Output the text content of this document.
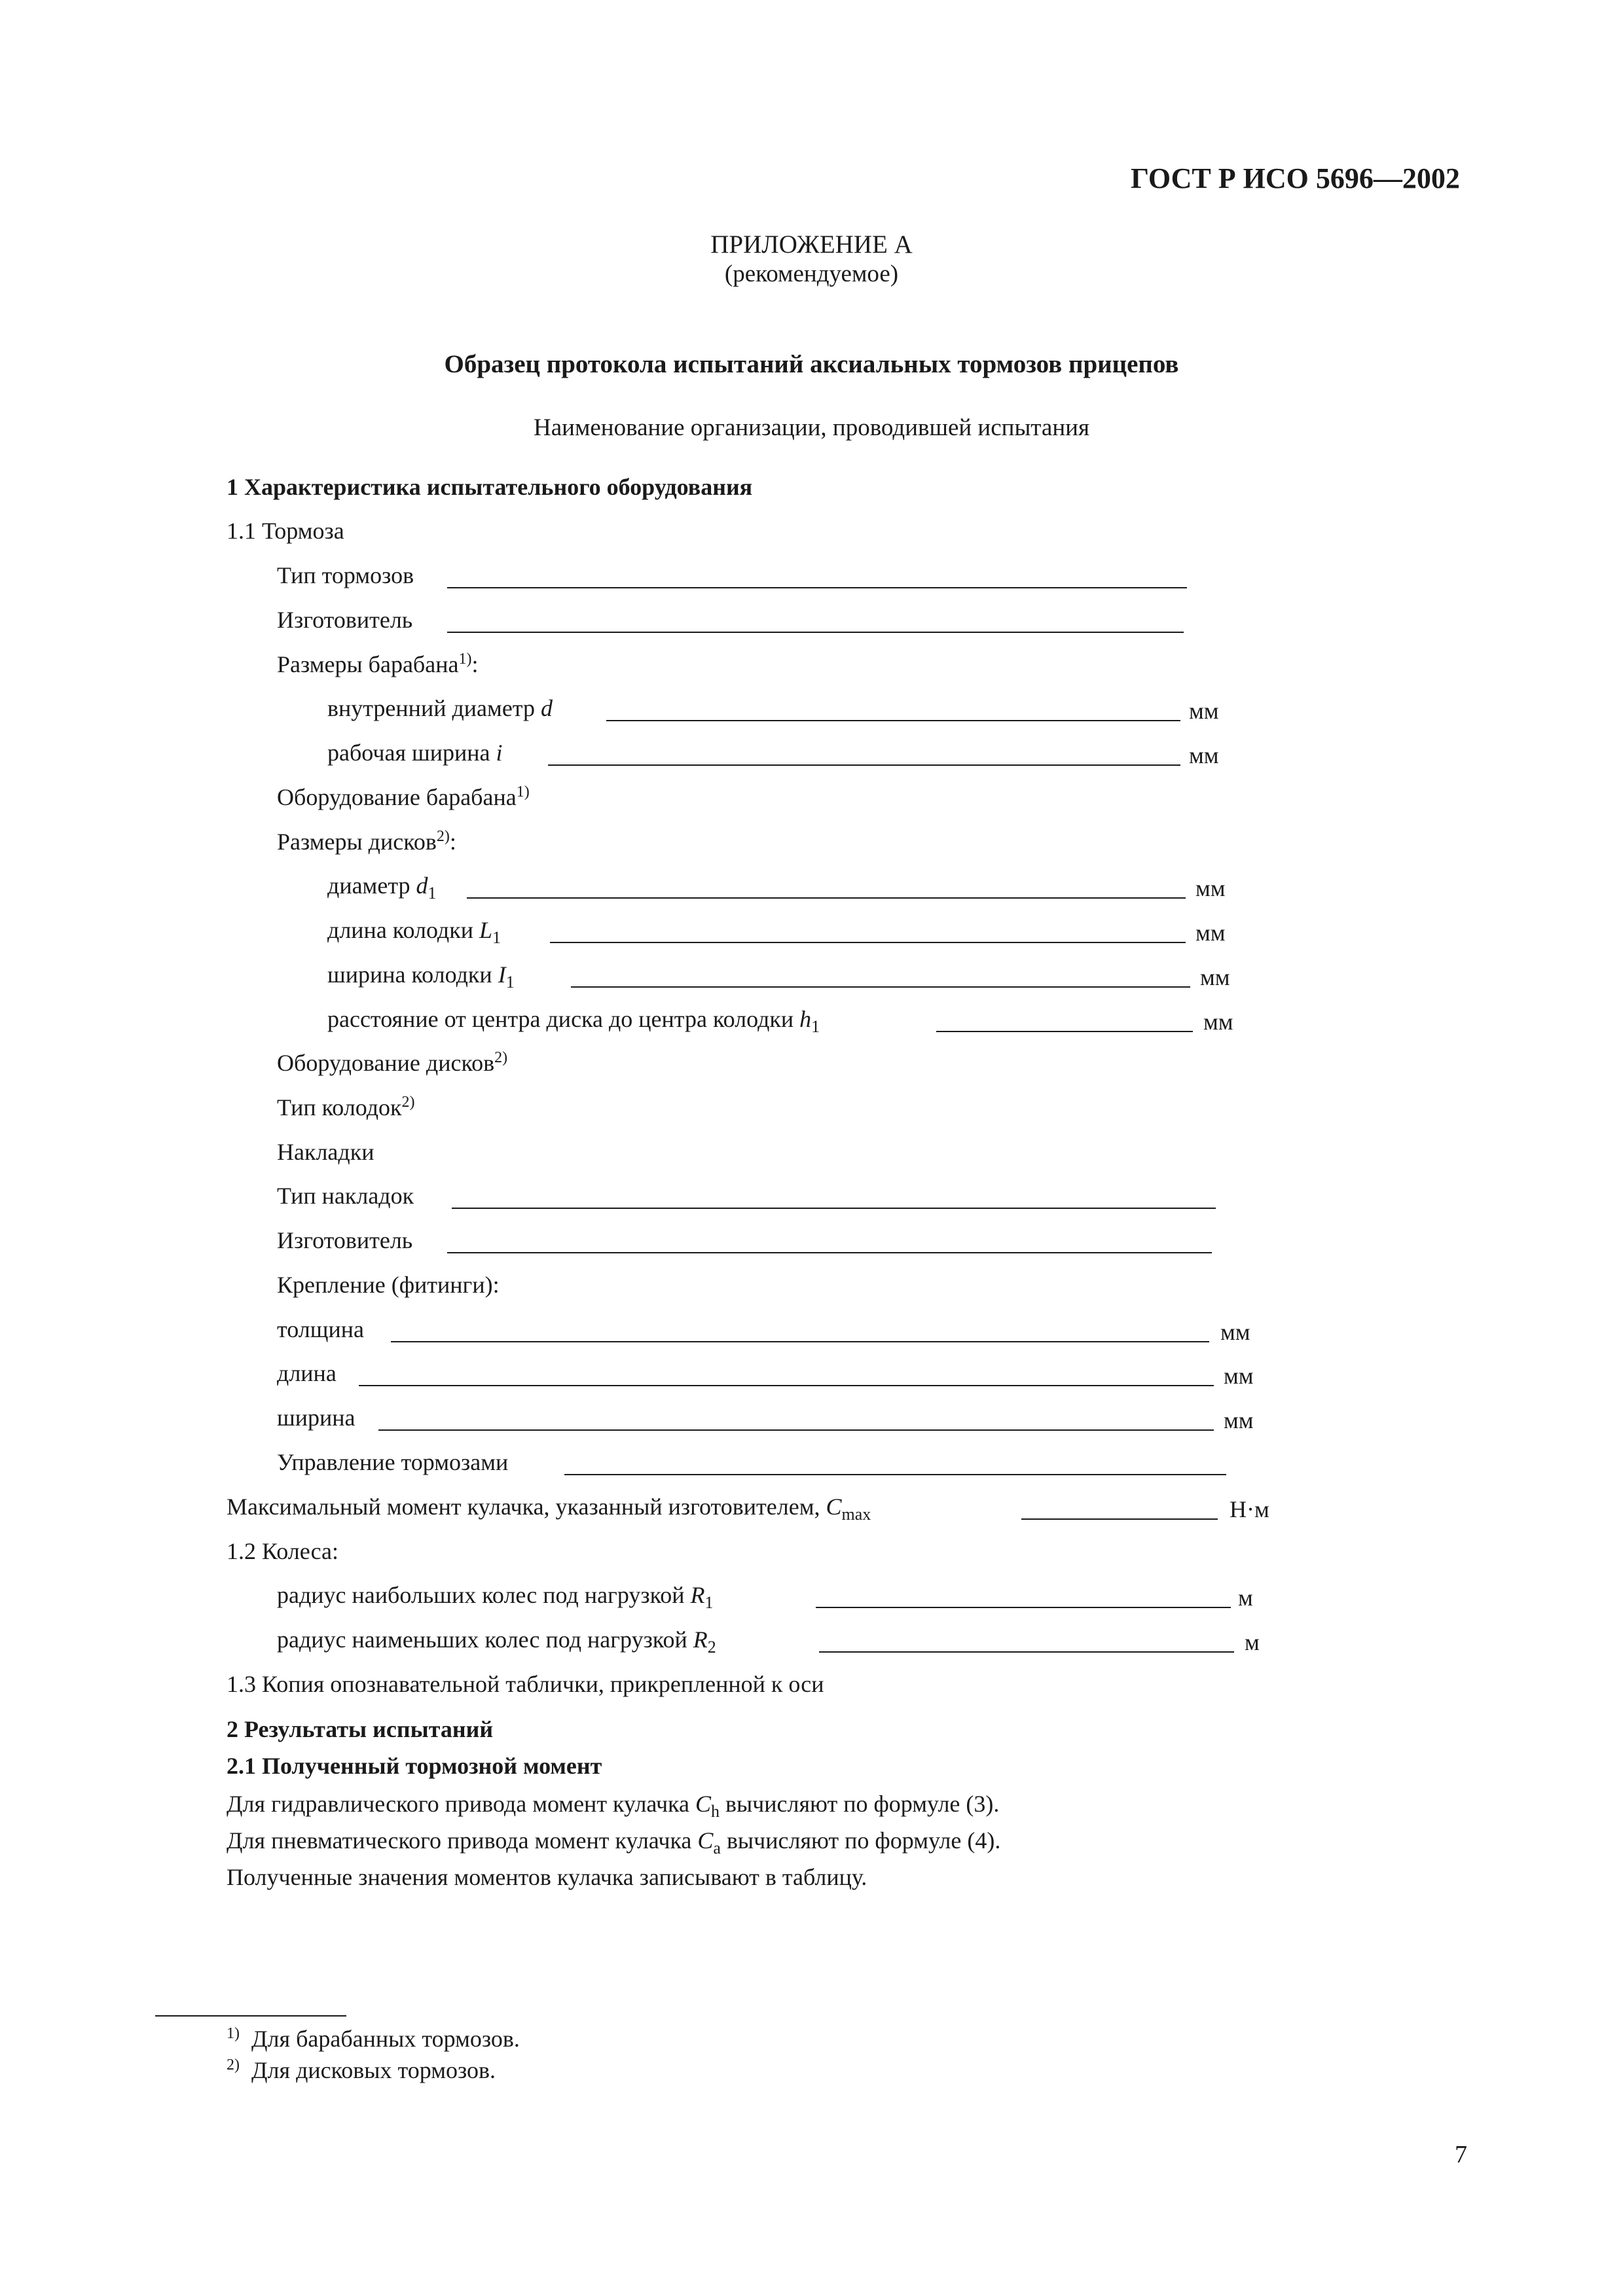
ГОСТ Р ИСО 5696—2002
ПРИЛОЖЕНИЕ А
(рекомендуемое)
Образец протокола испытаний аксиальных тормозов прицепов
Наименование организации, проводившей испытания
1 Характеристика испытательного оборудования
1.1 Тормоза
Тип тормозов
Изготовитель
Размеры барабана$^{1)}$:
внутренний диаметр d	мм
рабочая ширина i	мм
Оборудование барабана$^{1)}$
Размеры дисков$^{2)}$:
диаметр $d_1$	мм
длина колодки $L_1$	мм
ширина колодки $I_1$	мм
расстояние от центра диска до центра колодки $h_1$	мм
Оборудование дисков$^{2)}$
Тип колодок$^{2)}$
Накладки
Тип накладок
Изготовитель
Крепление (фитинги):
толщина	мм
длина	мм
ширина	мм
Управление тормозами
Максимальный момент кулачка, указанный изготовителем, $C_{max}$	Н·м
1.2 Колеса:
радиус наибольших колес под нагрузкой $R_1$	м
радиус наименьших колес под нагрузкой $R_2$	м
1.3 Копия опознавательной таблички, прикрепленной к оси
2 Результаты испытаний
2.1 Полученный тормозной момент
Для гидравлического привода момент кулачка $C_h$ вычисляют по формуле (3).
Для пневматического привода момент кулачка $C_a$ вычисляют по формуле (4).
Полученные значения моментов кулачка записывают в таблицу.
$^{1)}$ Для барабанных тормозов.
$^{2)}$ Для дисковых тормозов.
7
